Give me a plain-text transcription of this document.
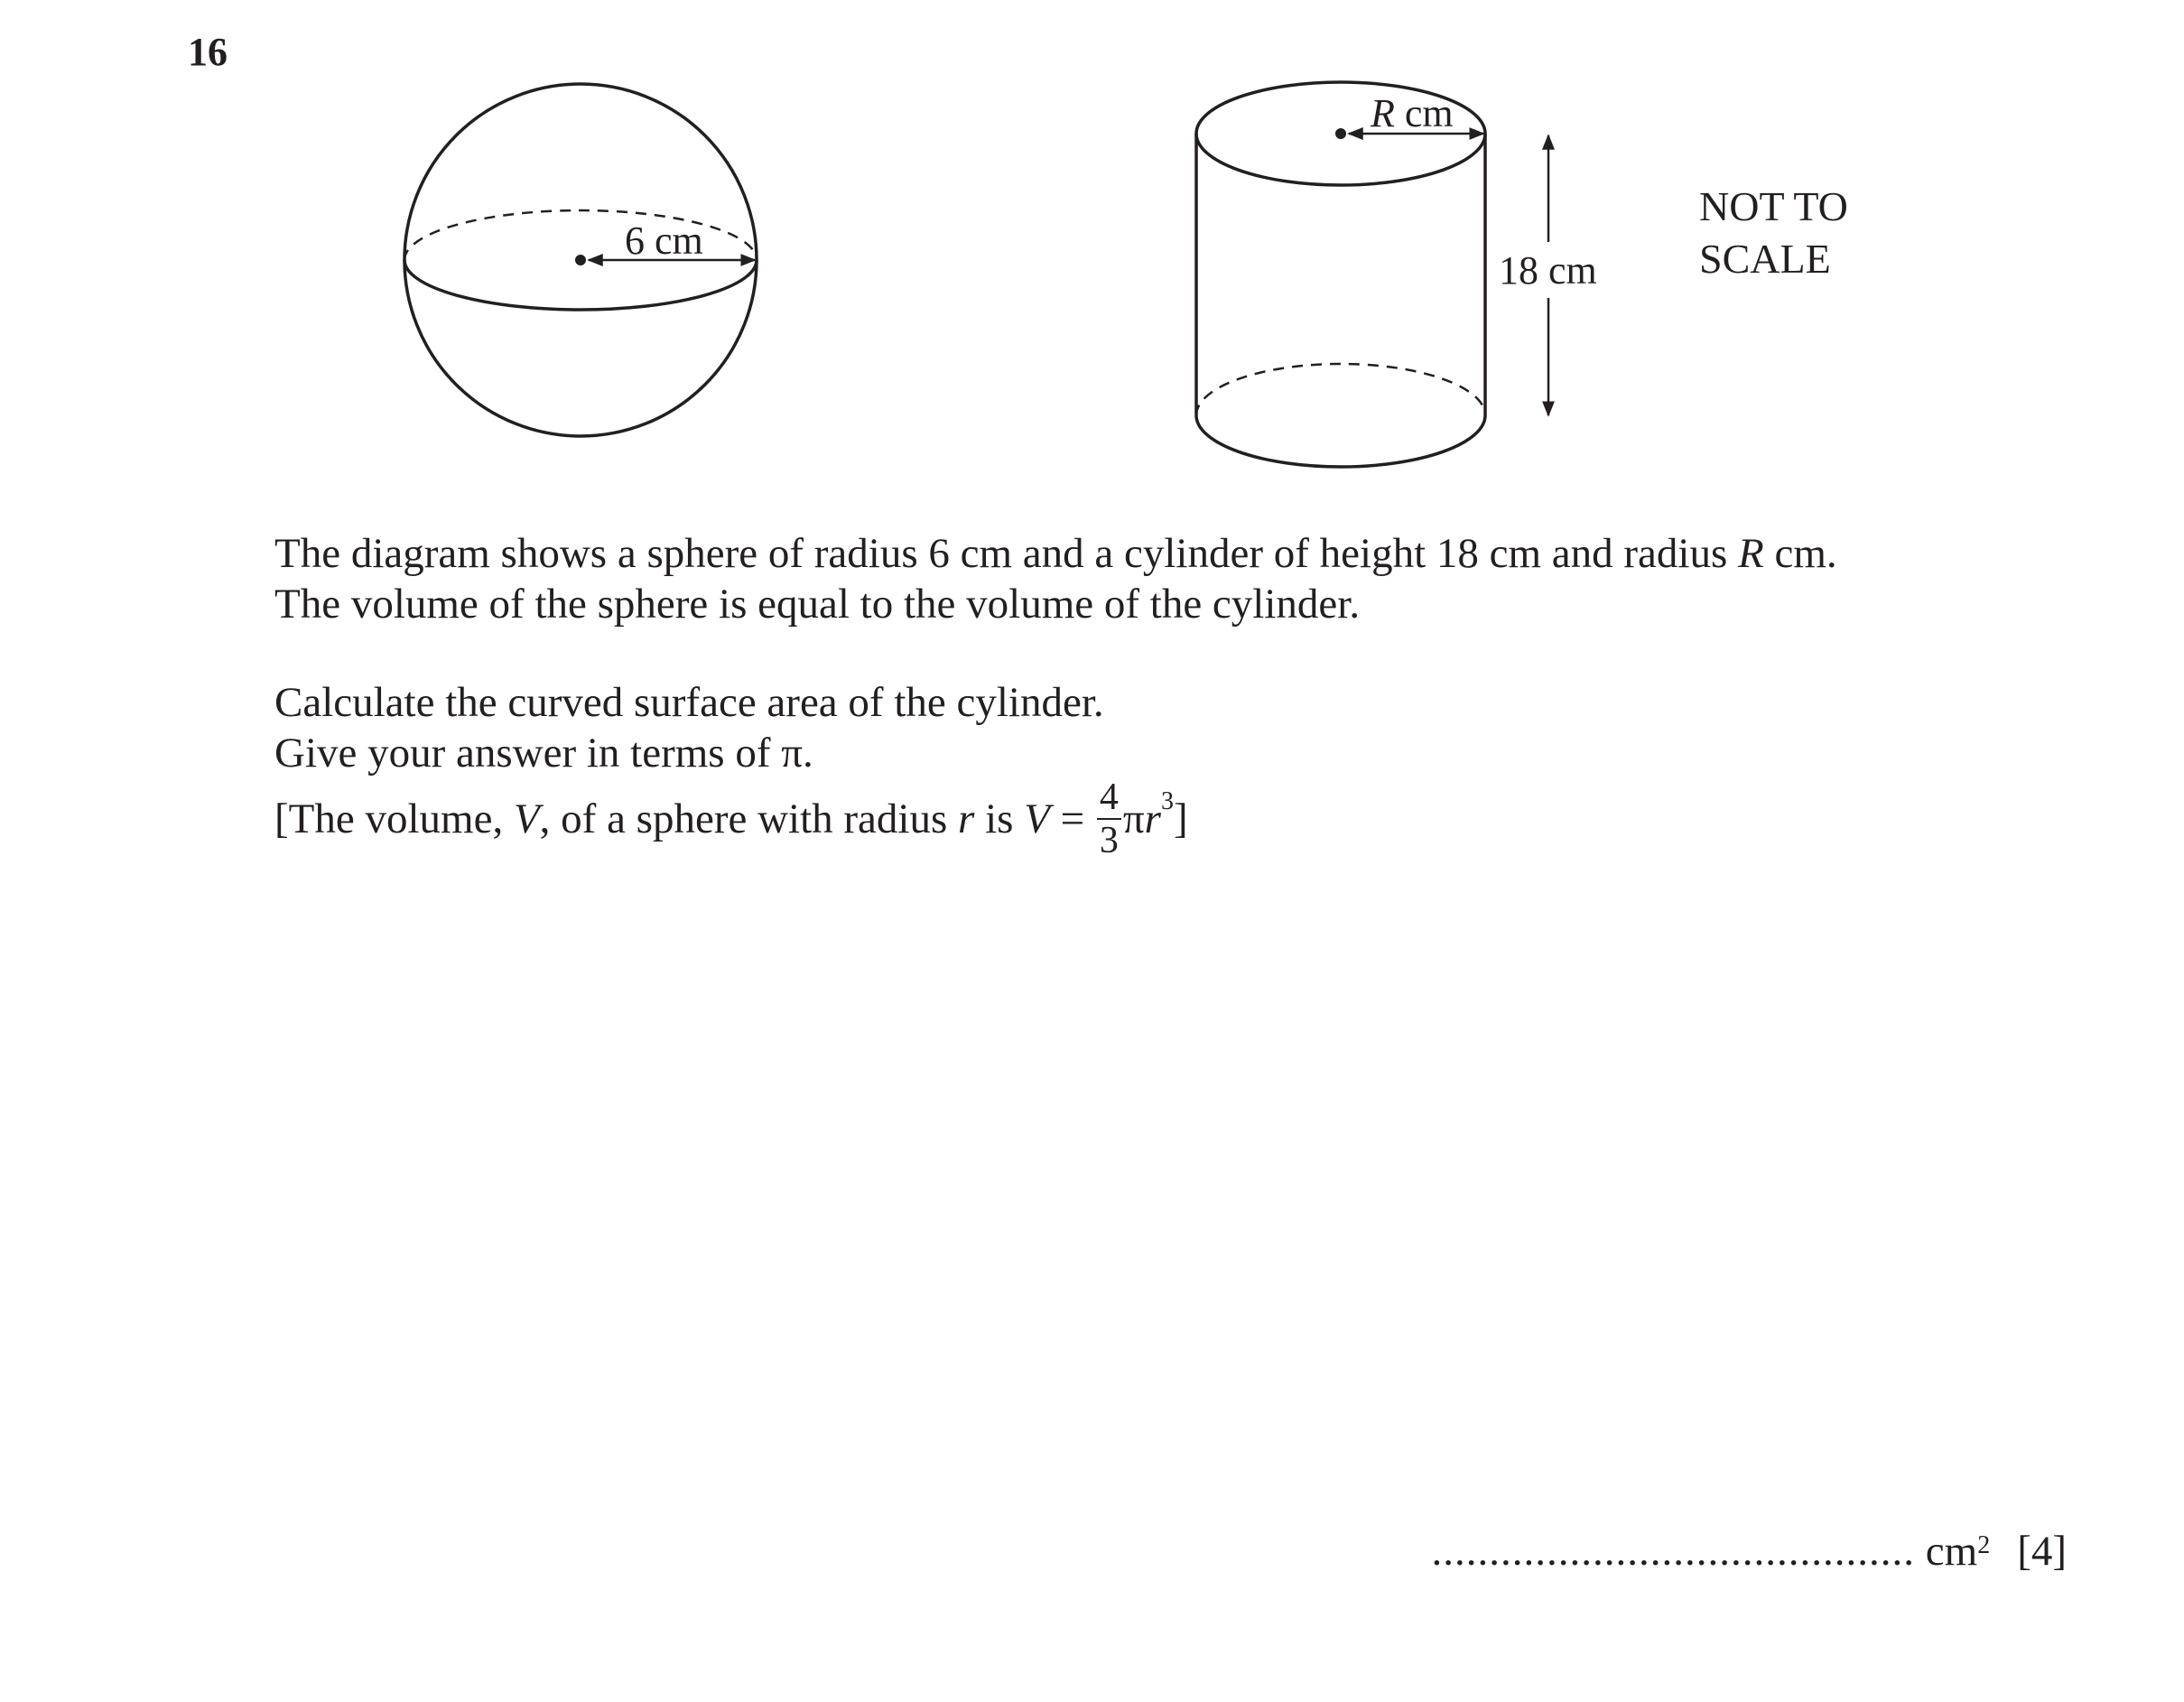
16
6 cm
R cm
18 cm
NOT TO
SCALE
The diagram shows a sphere of radius 6 cm and a cylinder of height 18 cm and radius R cm.
The volume of the sphere is equal to the volume of the cylinder.
Calculate the curved surface area of the cylinder.
Give your answer in terms of π.
[The volume, V, of a sphere with radius r is $V = \frac{4}{3} \pi r^3$]
.......................................... $cm^2$ [4]
